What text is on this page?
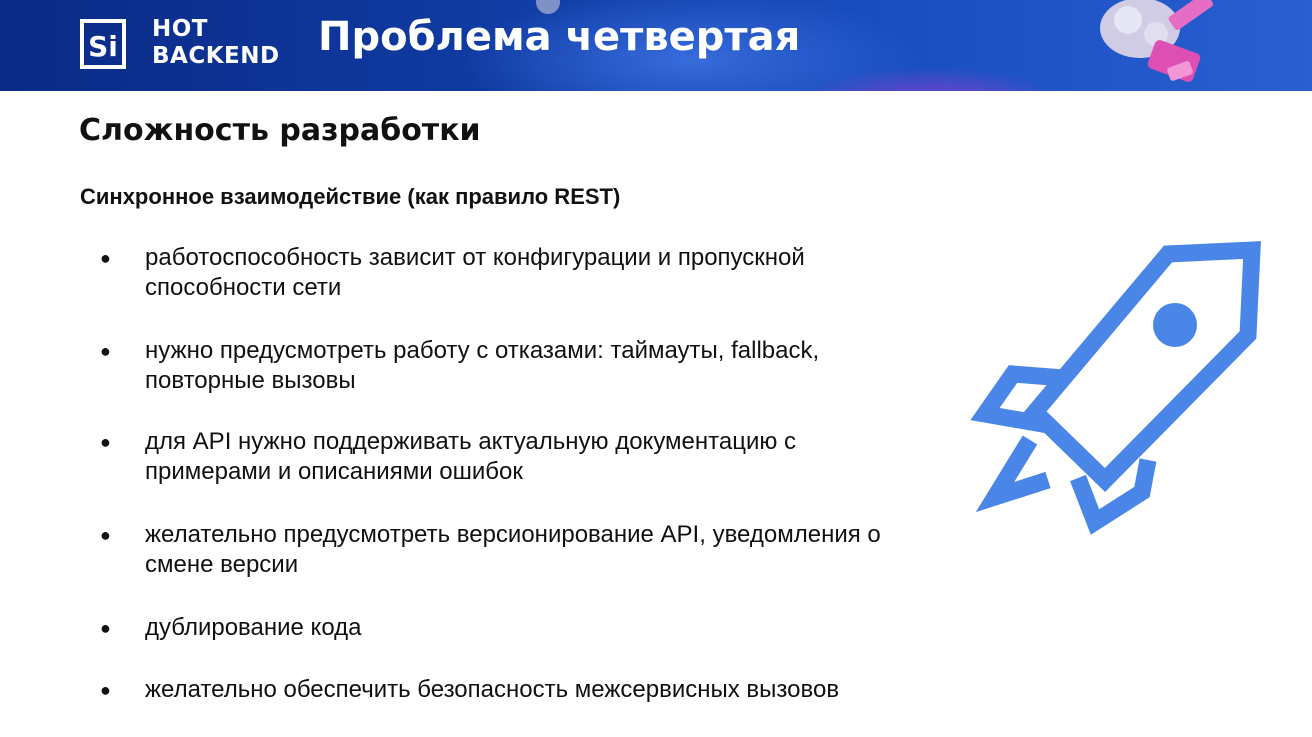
Si
HOT
BACKEND Проблема четвертая
Сложность разработки
Синхронное взаимодействие (как правило REST)
●	работоспособность зависит от конфигурации и пропускной
способности сети
●	нужно предусмотреть работу с отказами: таймауты, fallback,
повторные вызовы
●	для API нужно поддерживать актуальную документацию с
примерами и описаниями ошибок
●	желательно предусмотреть версионирование API, уведомления о
смене версии
●	дублирование кода
●	желательно обеспечить безопасность межсервисных вызовов
